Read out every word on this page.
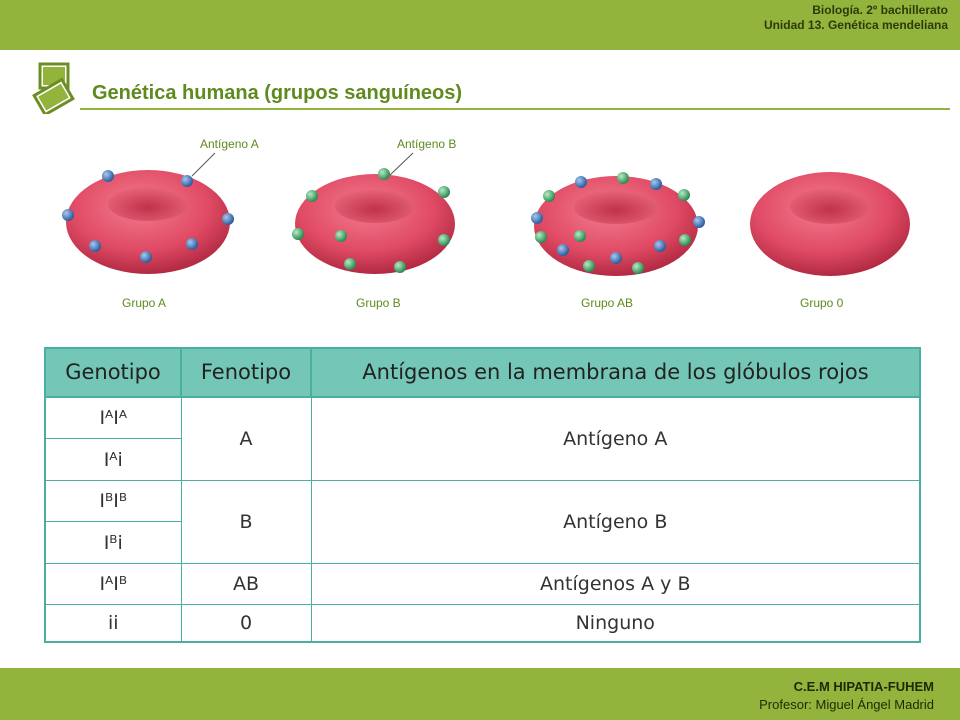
Biología. 2º bachillerato
Unidad 13. Genética mendeliana
Genética humana (grupos sanguíneos)
Antígeno A	Antígeno B
Grupo A	Grupo B	Grupo AB	Grupo 0
Genotipo	Fenotipo	Antígenos en la membrana de los glóbulos rojos
IᴬIᴬ	A	Antígeno A
Iᴬi		
IᴮIᴮ	B	Antígeno B
Iᴮi		
IᴬIᴮ	AB	Antígenos A y B
ii	0	Ninguno
C.E.M HIPATIA-FUHEM
Profesor: Miguel Ángel Madrid
